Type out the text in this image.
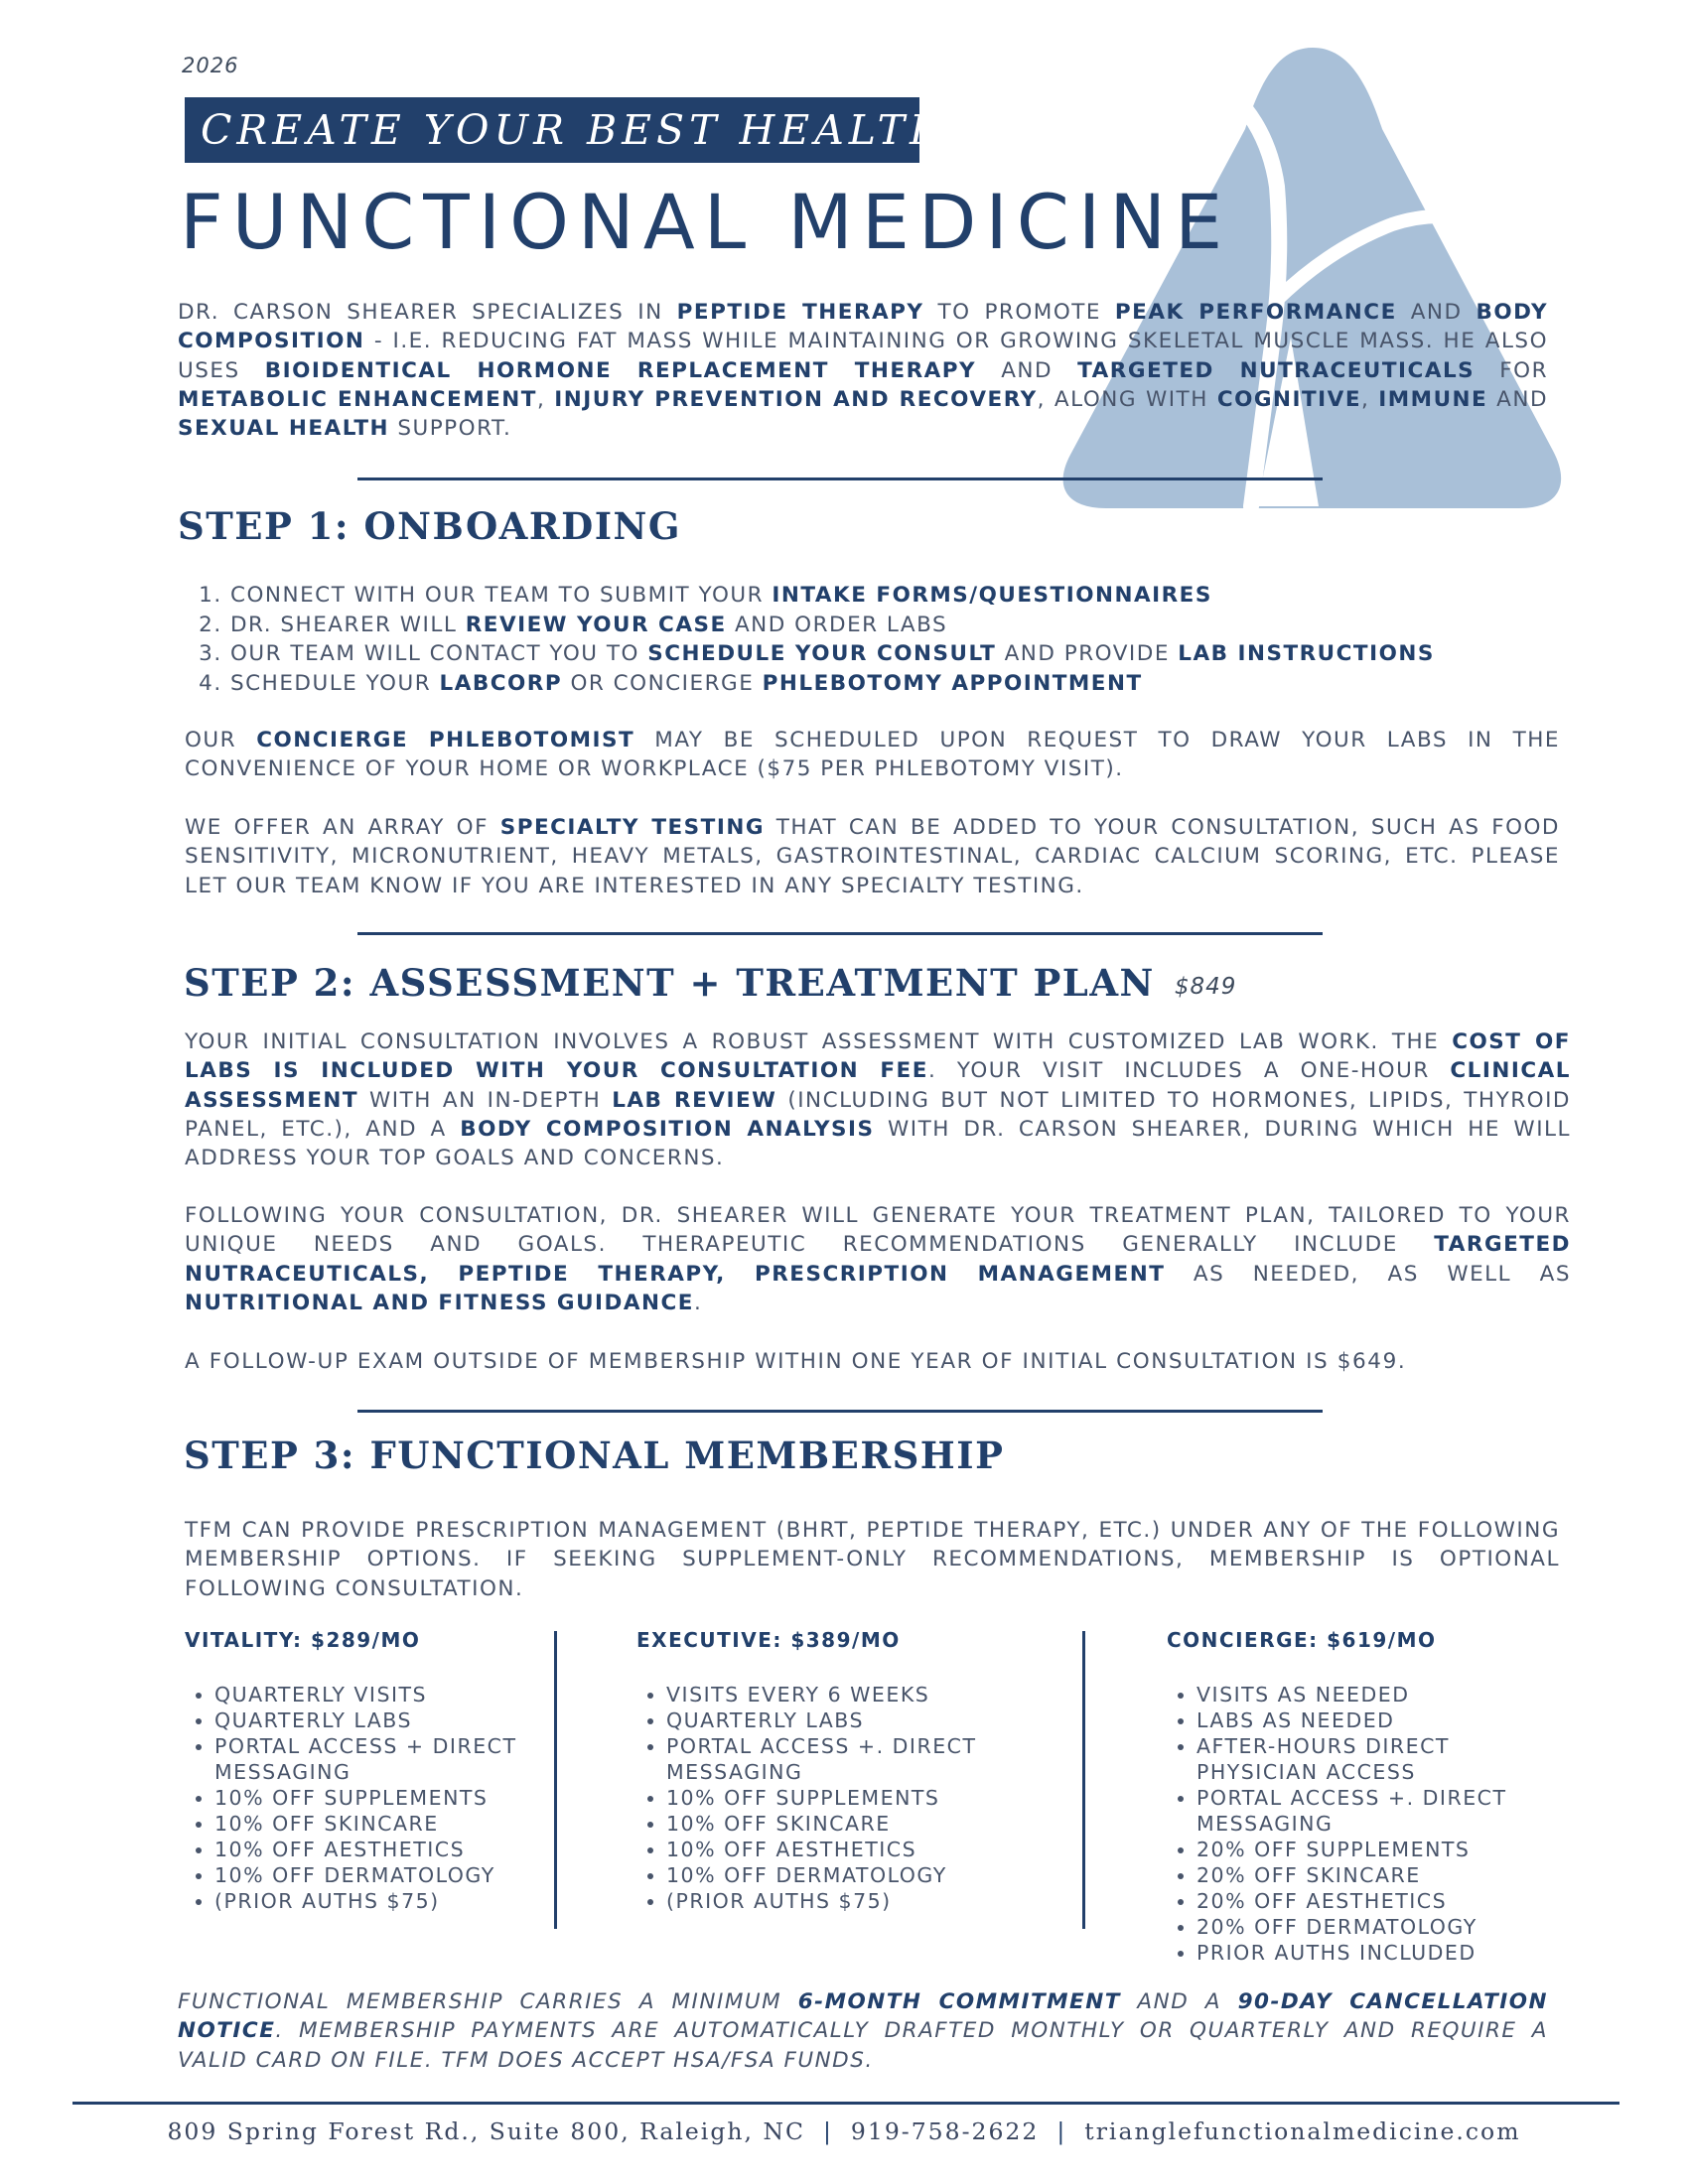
2026
CREATE YOUR BEST HEALTH
FUNCTIONAL MEDICINE

DR. CARSON SHEARER SPECIALIZES IN PEPTIDE THERAPY TO PROMOTE PEAK PERFORMANCE AND BODY COMPOSITION - I.E. REDUCING FAT MASS WHILE MAINTAINING OR GROWING SKELETAL MUSCLE MASS. HE ALSO USES BIOIDENTICAL HORMONE REPLACEMENT THERAPY AND TARGETED NUTRACEUTICALS FOR METABOLIC ENHANCEMENT, INJURY PREVENTION AND RECOVERY, ALONG WITH COGNITIVE, IMMUNE AND SEXUAL HEALTH SUPPORT.

STEP 1: ONBOARDING
1. CONNECT WITH OUR TEAM TO SUBMIT YOUR INTAKE FORMS/QUESTIONNAIRES
2. DR. SHEARER WILL REVIEW YOUR CASE AND ORDER LABS
3. OUR TEAM WILL CONTACT YOU TO SCHEDULE YOUR CONSULT AND PROVIDE LAB INSTRUCTIONS
4. SCHEDULE YOUR LABCORP OR CONCIERGE PHLEBOTOMY APPOINTMENT

OUR CONCIERGE PHLEBOTOMIST MAY BE SCHEDULED UPON REQUEST TO DRAW YOUR LABS IN THE CONVENIENCE OF YOUR HOME OR WORKPLACE ($75 PER PHLEBOTOMY VISIT).

WE OFFER AN ARRAY OF SPECIALTY TESTING THAT CAN BE ADDED TO YOUR CONSULTATION, SUCH AS FOOD SENSITIVITY, MICRONUTRIENT, HEAVY METALS, GASTROINTESTINAL, CARDIAC CALCIUM SCORING, ETC. PLEASE LET OUR TEAM KNOW IF YOU ARE INTERESTED IN ANY SPECIALTY TESTING.

STEP 2: ASSESSMENT + TREATMENT PLAN $849

YOUR INITIAL CONSULTATION INVOLVES A ROBUST ASSESSMENT WITH CUSTOMIZED LAB WORK. THE COST OF LABS IS INCLUDED WITH YOUR CONSULTATION FEE. YOUR VISIT INCLUDES A ONE-HOUR CLINICAL ASSESSMENT WITH AN IN-DEPTH LAB REVIEW (INCLUDING BUT NOT LIMITED TO HORMONES, LIPIDS, THYROID PANEL, ETC.), AND A BODY COMPOSITION ANALYSIS WITH DR. CARSON SHEARER, DURING WHICH HE WILL ADDRESS YOUR TOP GOALS AND CONCERNS.

FOLLOWING YOUR CONSULTATION, DR. SHEARER WILL GENERATE YOUR TREATMENT PLAN, TAILORED TO YOUR UNIQUE NEEDS AND GOALS. THERAPEUTIC RECOMMENDATIONS GENERALLY INCLUDE TARGETED NUTRACEUTICALS, PEPTIDE THERAPY, PRESCRIPTION MANAGEMENT AS NEEDED, AS WELL AS NUTRITIONAL AND FITNESS GUIDANCE.

A FOLLOW-UP EXAM OUTSIDE OF MEMBERSHIP WITHIN ONE YEAR OF INITIAL CONSULTATION IS $649.

STEP 3: FUNCTIONAL MEMBERSHIP

TFM CAN PROVIDE PRESCRIPTION MANAGEMENT (BHRT, PEPTIDE THERAPY, ETC.) UNDER ANY OF THE FOLLOWING MEMBERSHIP OPTIONS. IF SEEKING SUPPLEMENT-ONLY RECOMMENDATIONS, MEMBERSHIP IS OPTIONAL FOLLOWING CONSULTATION.

VITALITY: $289/MO
• QUARTERLY VISITS
• QUARTERLY LABS
• PORTAL ACCESS + DIRECT MESSAGING
• 10% OFF SUPPLEMENTS
• 10% OFF SKINCARE
• 10% OFF AESTHETICS
• 10% OFF DERMATOLOGY
• (PRIOR AUTHS $75)
EXECUTIVE: $389/MO
• VISITS EVERY 6 WEEKS
• QUARTERLY LABS
• PORTAL ACCESS +. DIRECT MESSAGING
• 10% OFF SUPPLEMENTS
• 10% OFF SKINCARE
• 10% OFF AESTHETICS
• 10% OFF DERMATOLOGY
• (PRIOR AUTHS $75)
CONCIERGE: $619/MO
• VISITS AS NEEDED
• LABS AS NEEDED
• AFTER-HOURS DIRECT PHYSICIAN ACCESS
• PORTAL ACCESS +. DIRECT MESSAGING
• 20% OFF SUPPLEMENTS
• 20% OFF SKINCARE
• 20% OFF AESTHETICS
• 20% OFF DERMATOLOGY
• PRIOR AUTHS INCLUDED

FUNCTIONAL MEMBERSHIP CARRIES A MINIMUM 6-MONTH COMMITMENT AND A 90-DAY CANCELLATION NOTICE. MEMBERSHIP PAYMENTS ARE AUTOMATICALLY DRAFTED MONTHLY OR QUARTERLY AND REQUIRE A VALID CARD ON FILE. TFM DOES ACCEPT HSA/FSA FUNDS.

809 Spring Forest Rd., Suite 800, Raleigh, NC | 919-758-2622 | trianglefunctionalmedicine.com
